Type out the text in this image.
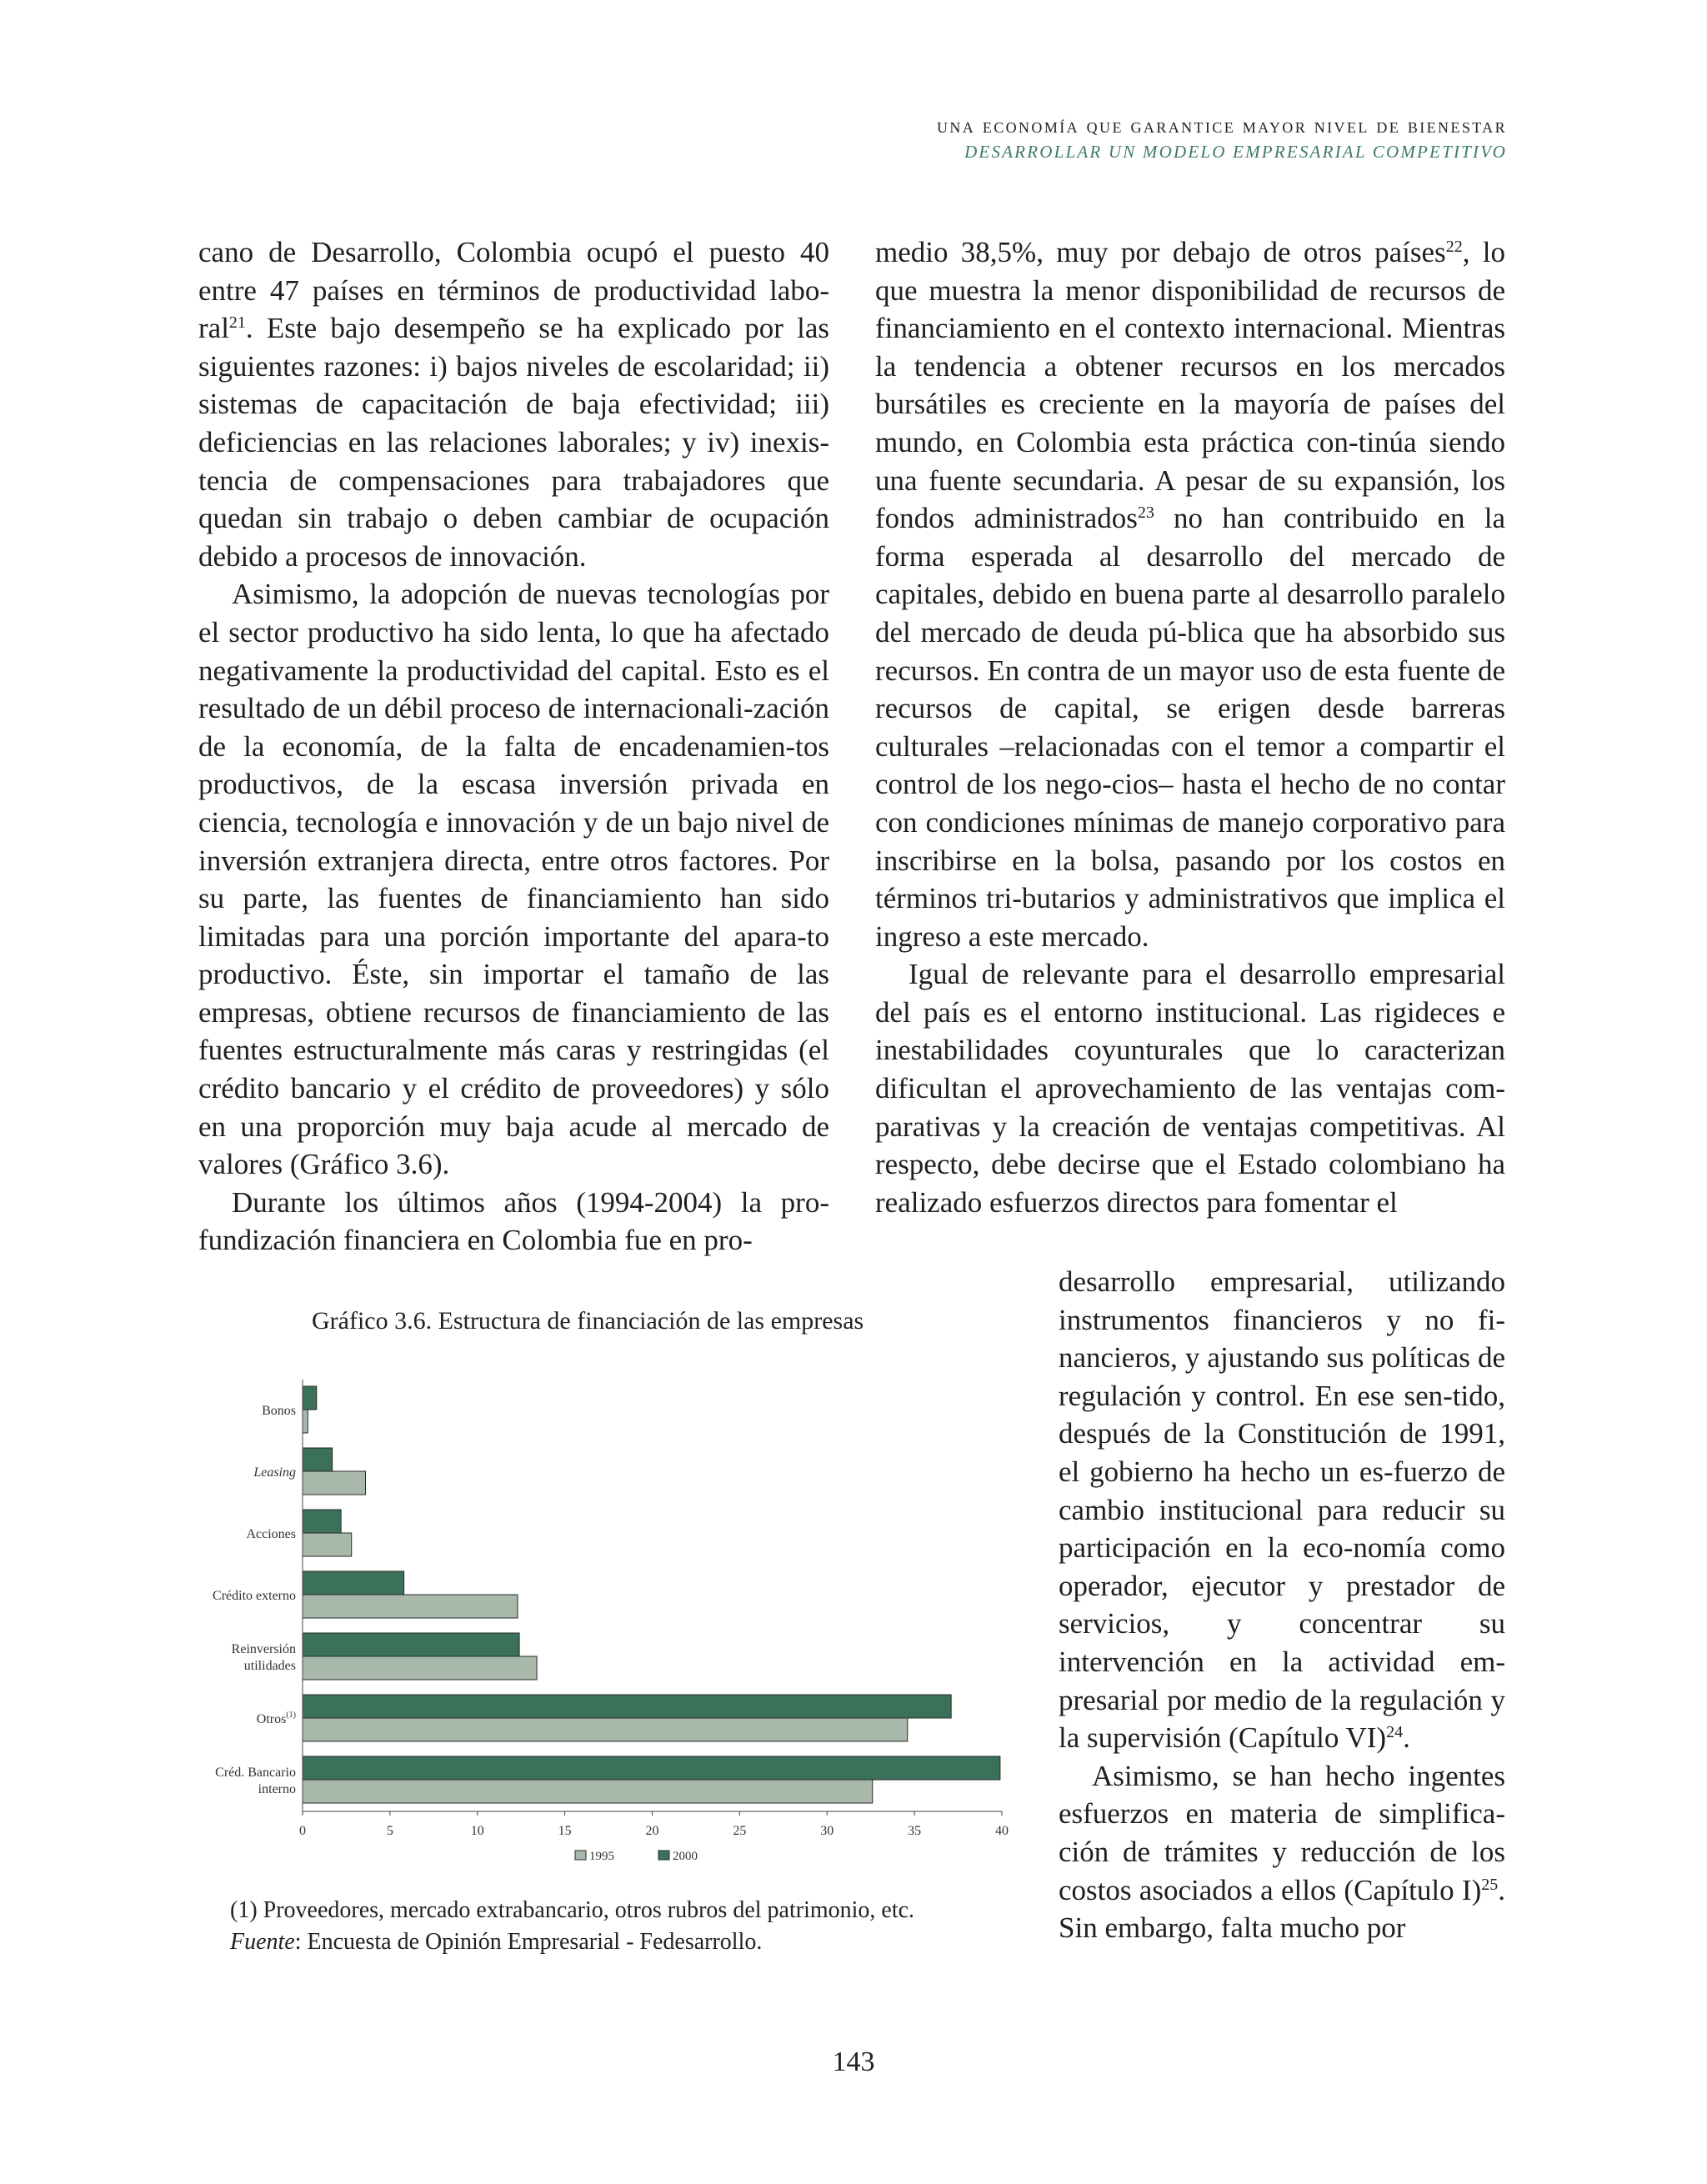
una economía que garantice mayor nivel de bienestar
DESARROLLAR UN MODELO EMPRESARIAL COMPETITIVO

cano de Desarrollo, Colombia ocupó el puesto 40 entre 47 países en términos de productividad labo-ral$^{21}$. Este bajo desempeño se ha explicado por las siguientes razones: i) bajos niveles de escolaridad; ii) sistemas de capacitación de baja efectividad; iii) deficiencias en las relaciones laborales; y iv) inexis-tencia de compensaciones para trabajadores que quedan sin trabajo o deben cambiar de ocupación debido a procesos de innovación.

Asimismo, la adopción de nuevas tecnologías por el sector productivo ha sido lenta, lo que ha afectado negativamente la productividad del capital. Esto es el resultado de un débil proceso de internacionali-zación de la economía, de la falta de encadenamien-tos productivos, de la escasa inversión privada en ciencia, tecnología e innovación y de un bajo nivel de inversión extranjera directa, entre otros factores. Por su parte, las fuentes de financiamiento han sido limitadas para una porción importante del apara-to productivo. Éste, sin importar el tamaño de las empresas, obtiene recursos de financiamiento de las fuentes estructuralmente más caras y restringidas (el crédito bancario y el crédito de proveedores) y sólo en una proporción muy baja acude al mercado de valores (Gráfico 3.6).

Durante los últimos años (1994-2004) la pro-fundización financiera en Colombia fue en pro-

medio 38,5%, muy por debajo de otros países$^{22}$, lo que muestra la menor disponibilidad de recursos de financiamiento en el contexto internacional. Mientras la tendencia a obtener recursos en los mercados bursátiles es creciente en la mayoría de países del mundo, en Colombia esta práctica con-tinúa siendo una fuente secundaria. A pesar de su expansión, los fondos administrados$^{23}$ no han contribuido en la forma esperada al desarrollo del mercado de capitales, debido en buena parte al desarrollo paralelo del mercado de deuda pú-blica que ha absorbido sus recursos. En contra de un mayor uso de esta fuente de recursos de capital, se erigen desde barreras culturales –relacionadas con el temor a compartir el control de los nego-cios– hasta el hecho de no contar con condiciones mínimas de manejo corporativo para inscribirse en la bolsa, pasando por los costos en términos tri-butarios y administrativos que implica el ingreso a este mercado.

Igual de relevante para el desarrollo empresarial del país es el entorno institucional. Las rigideces e inestabilidades coyunturales que lo caracterizan dificultan el aprovechamiento de las ventajas com-parativas y la creación de ventajas competitivas. Al respecto, debe decirse que el Estado colombiano ha realizado esfuerzos directos para fomentar el

desarrollo empresarial, utilizando instrumentos financieros y no fi-nancieros, y ajustando sus políticas de regulación y control. En ese sen-tido, después de la Constitución de 1991, el gobierno ha hecho un es-fuerzo de cambio institucional para reducir su participación en la eco-nomía como operador, ejecutor y prestador de servicios, y concentrar su intervención en la actividad em-presarial por medio de la regulación y la supervisión (Capítulo VI)$^{24}$.

Asimismo, se han hecho ingentes esfuerzos en materia de simplifica-ción de trámites y reducción de los costos asociados a ellos (Capítulo I)$^{25}$. Sin embargo, falta mucho por

Gráfico 3.6. Estructura de financiación de las empresas
Bonos
Leasing
Acciones
Crédito externo
Reinversión
utilidades
Otros$^{(1)}$
Créd. Bancario
interno
0	5	10	15	20	25	30	35	40
1995	2000
(1) Proveedores, mercado extrabancario, otros rubros del patrimonio, etc.
Fuente: Encuesta de Opinión Empresarial - Fedesarrollo.
143
